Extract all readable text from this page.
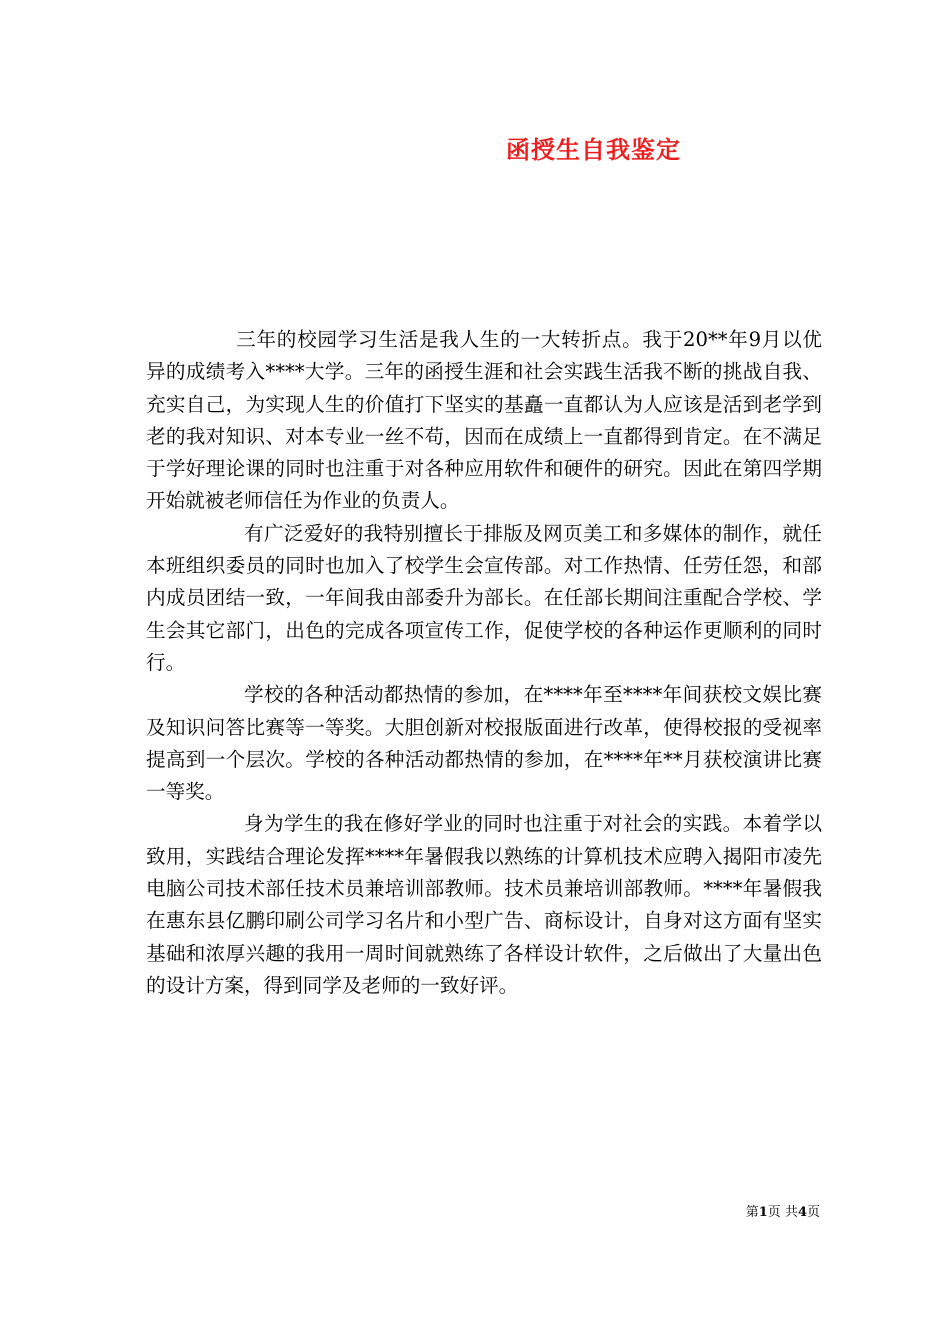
函授生自我鉴定

三年的校园学习生活是我人生的一大转折点。我于20**年9月以优异的成绩考入****大学。三年的函授生涯和社会实践生活我不断的挑战自我、充实自己，为实现人生的价值打下坚实的基矗一直都认为人应该是活到老学到老的我对知识、对本专业一丝不苟，因而在成绩上一直都得到肯定。在不满足于学好理论课的同时也注重于对各种应用软件和硬件的研究。因此在第四学期开始就被老师信任为作业的负责人。

有广泛爱好的我特别擅长于排版及网页美工和多媒体的制作，就任本班组织委员的同时也加入了校学生会宣传部。对工作热情、任劳任怨，和部内成员团结一致，一年间我由部委升为部长。在任部长期间注重配合学校、学生会其它部门，出色的完成各项宣传工作，促使学校的各种运作更顺利的同时行。

学校的各种活动都热情的参加，在****年至****年间获校文娱比赛及知识问答比赛等一等奖。大胆创新对校报版面进行改革，使得校报的受视率提高到一个层次。学校的各种活动都热情的参加，在****年**月获校演讲比赛一等奖。

身为学生的我在修好学业的同时也注重于对社会的实践。本着学以致用，实践结合理论发挥****年暑假我以熟练的计算机技术应聘入揭阳市凌先电脑公司技术部任技术员兼培训部教师。技术员兼培训部教师。****年暑假我在惠东县亿鹏印刷公司学习名片和小型广告、商标设计，自身对这方面有坚实基础和浓厚兴趣的我用一周时间就熟练了各样设计软件，之后做出了大量出色的设计方案，得到同学及老师的一致好评。

第1页 共4页
